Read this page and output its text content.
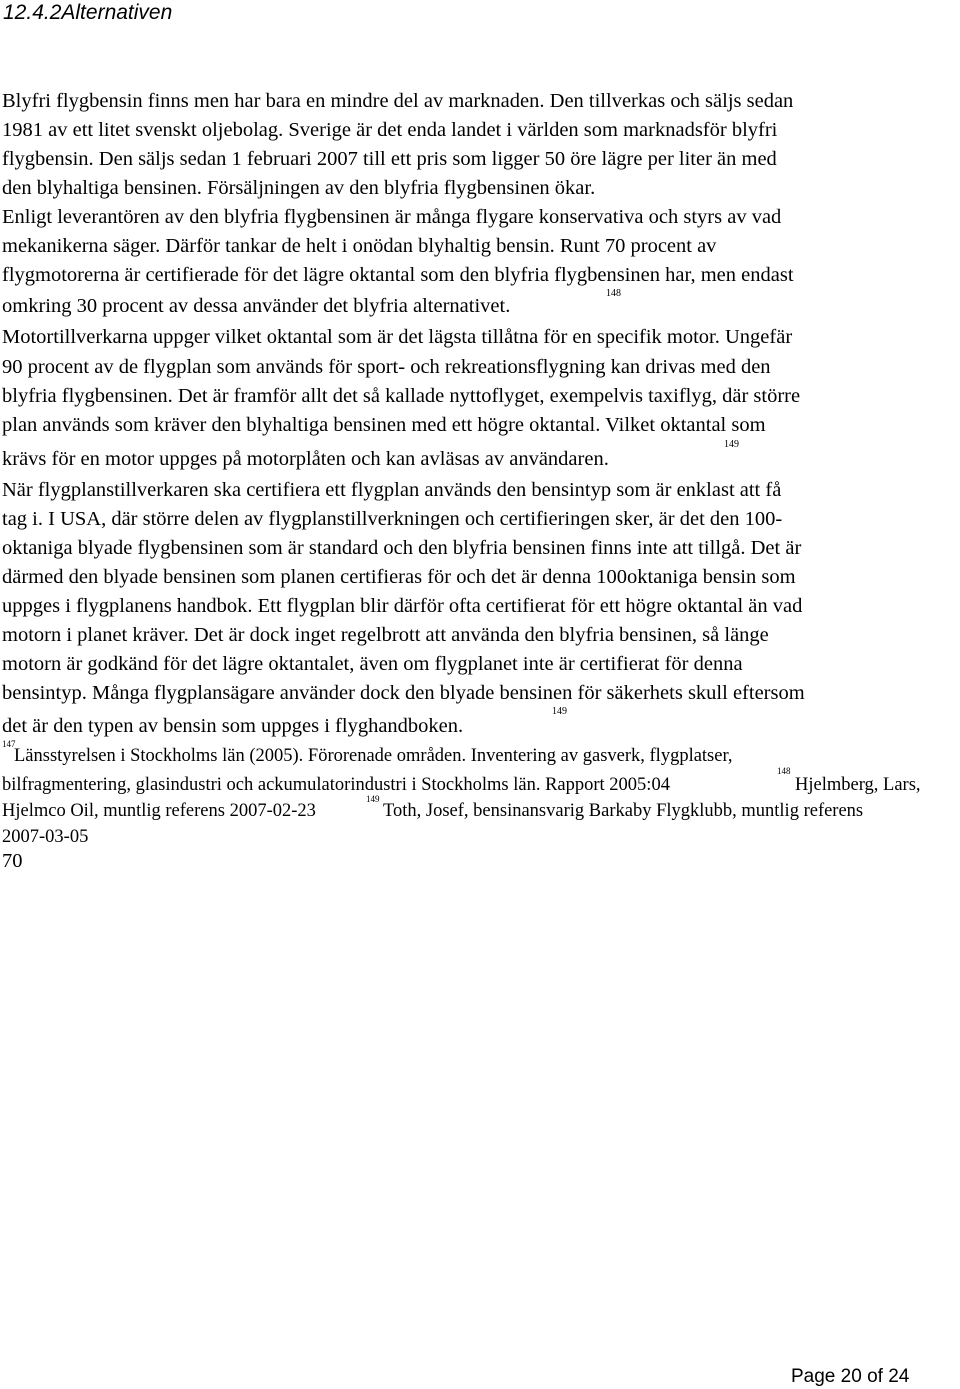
12.4.2Alternativen
Blyfri flygbensin finns men har bara en mindre del av marknaden. Den tillverkas och säljs sedan
1981 av ett litet svenskt oljebolag. Sverige är det enda landet i världen som marknadsför blyfri
flygbensin. Den säljs sedan 1 februari 2007 till ett pris som ligger 50 öre lägre per liter än med
den blyhaltiga bensinen. Försäljningen av den blyfria flygbensinen ökar.
Enligt leverantören av den blyfria flygbensinen är många flygare konservativa och styrs av vad
mekanikerna säger. Därför tankar de helt i onödan blyhaltig bensin. Runt 70 procent av
flygmotorerna är certifierade för det lägre oktantal som den blyfria flygbensinen har, men endast
omkring 30 procent av dessa använder det blyfria alternativet.
148
Motortillverkarna uppger vilket oktantal som är det lägsta tillåtna för en specifik motor. Ungefär
90 procent av de flygplan som används för sport- och rekreationsflygning kan drivas med den
blyfria flygbensinen. Det är framför allt det så kallade nyttoflyget, exempelvis taxiflyg, där större
plan används som kräver den blyhaltiga bensinen med ett högre oktantal. Vilket oktantal som
krävs för en motor uppges på motorplåten och kan avläsas av användaren.
149
När flygplanstillverkaren ska certifiera ett flygplan används den bensintyp som är enklast att få
tag i. I USA, där större delen av flygplanstillverkningen och certifieringen sker, är det den 100-
oktaniga blyade flygbensinen som är standard och den blyfria bensinen finns inte att tillgå. Det är
därmed den blyade bensinen som planen certifieras för och det är denna 100oktaniga bensin som
uppges i flygplanens handbok. Ett flygplan blir därför ofta certifierat för ett högre oktantal än vad
motorn i planet kräver. Det är dock inget regelbrott att använda den blyfria bensinen, så länge
motorn är godkänd för det lägre oktantalet, även om flygplanet inte är certifierat för denna
bensintyp. Många flygplansägare använder dock den blyade bensinen för säkerhets skull eftersom
det är den typen av bensin som uppges i flyghandboken.
149
147
Länsstyrelsen i Stockholms län (2005). Förorenade områden. Inventering av gasverk, flygplatser,
bilfragmentering, glasindustri och ackumulatorindustri i Stockholms län. Rapport 2005:04
148
Hjelmberg, Lars,
Hjelmco Oil, muntlig referens 2007-02-23
149
Toth, Josef, bensinansvarig Barkaby Flygklubb, muntlig referens
2007-03-05
70
Page 20 of 24
